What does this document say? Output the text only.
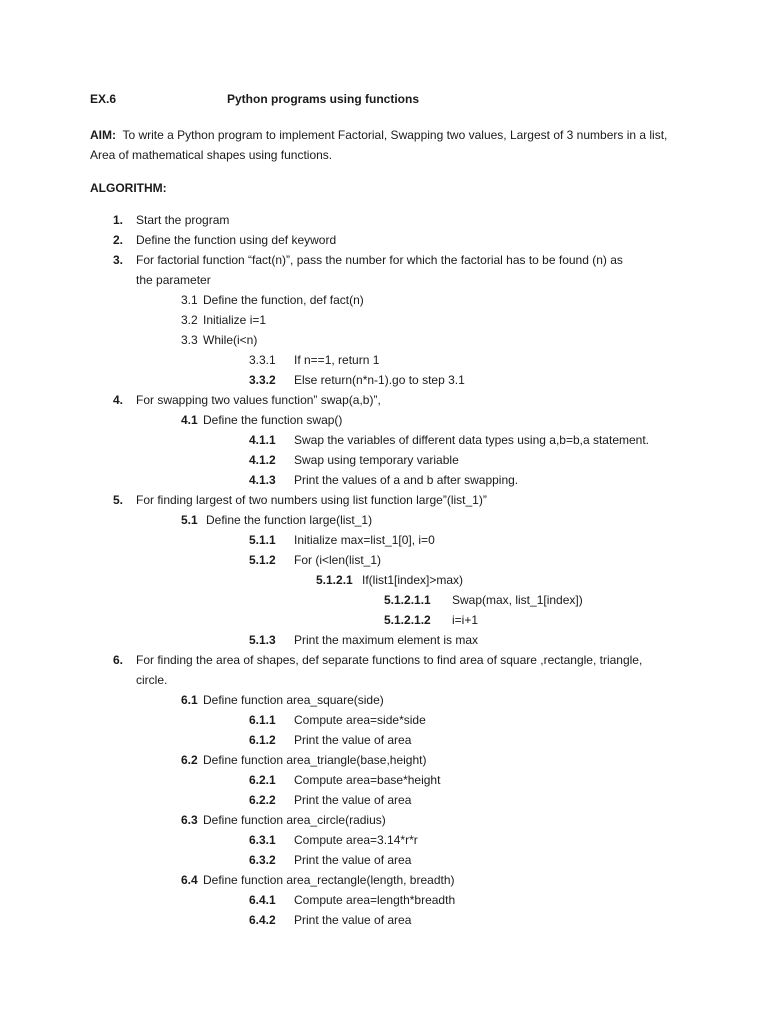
EX.6	Python programs using functions
AIM: To write a Python program to implement Factorial, Swapping two values, Largest of 3 numbers in a list, Area of mathematical shapes using functions.
ALGORITHM:
1. Start the program
2. Define the function using def keyword
3. For factorial function “fact(n)”, pass the number for which the factorial has to be found (n) as
the parameter
3.1 Define the function, def fact(n)
3.2 Initialize i=1
3.3 While(i<n)
3.3.1 If n==1, return 1
3.3.2 Else return(n*n-1).go to step 3.1
4. For swapping two values function” swap(a,b)”,
4.1 Define the function swap()
4.1.1 Swap the variables of different data types using a,b=b,a statement.
4.1.2 Swap using temporary variable
4.1.3 Print the values of a and b after swapping.
5. For finding largest of two numbers using list function large”(list_1)”
5.1 Define the function large(list_1)
5.1.1 Initialize max=list_1[0], i=0
5.1.2 For (i<len(list_1)
5.1.2.1 If(list1[index]>max)
5.1.2.1.1 Swap(max, list_1[index])
5.1.2.1.2 i=i+1
5.1.3 Print the maximum element is max
6. For finding the area of shapes, def separate functions to find area of square ,rectangle, triangle,
circle.
6.1 Define function area_square(side)
6.1.1 Compute area=side*side
6.1.2 Print the value of area
6.2 Define function area_triangle(base,height)
6.2.1 Compute area=base*height
6.2.2 Print the value of area
6.3 Define function area_circle(radius)
6.3.1 Compute area=3.14*r*r
6.3.2 Print the value of area
6.4 Define function area_rectangle(length, breadth)
6.4.1 Compute area=length*breadth
6.4.2 Print the value of area
